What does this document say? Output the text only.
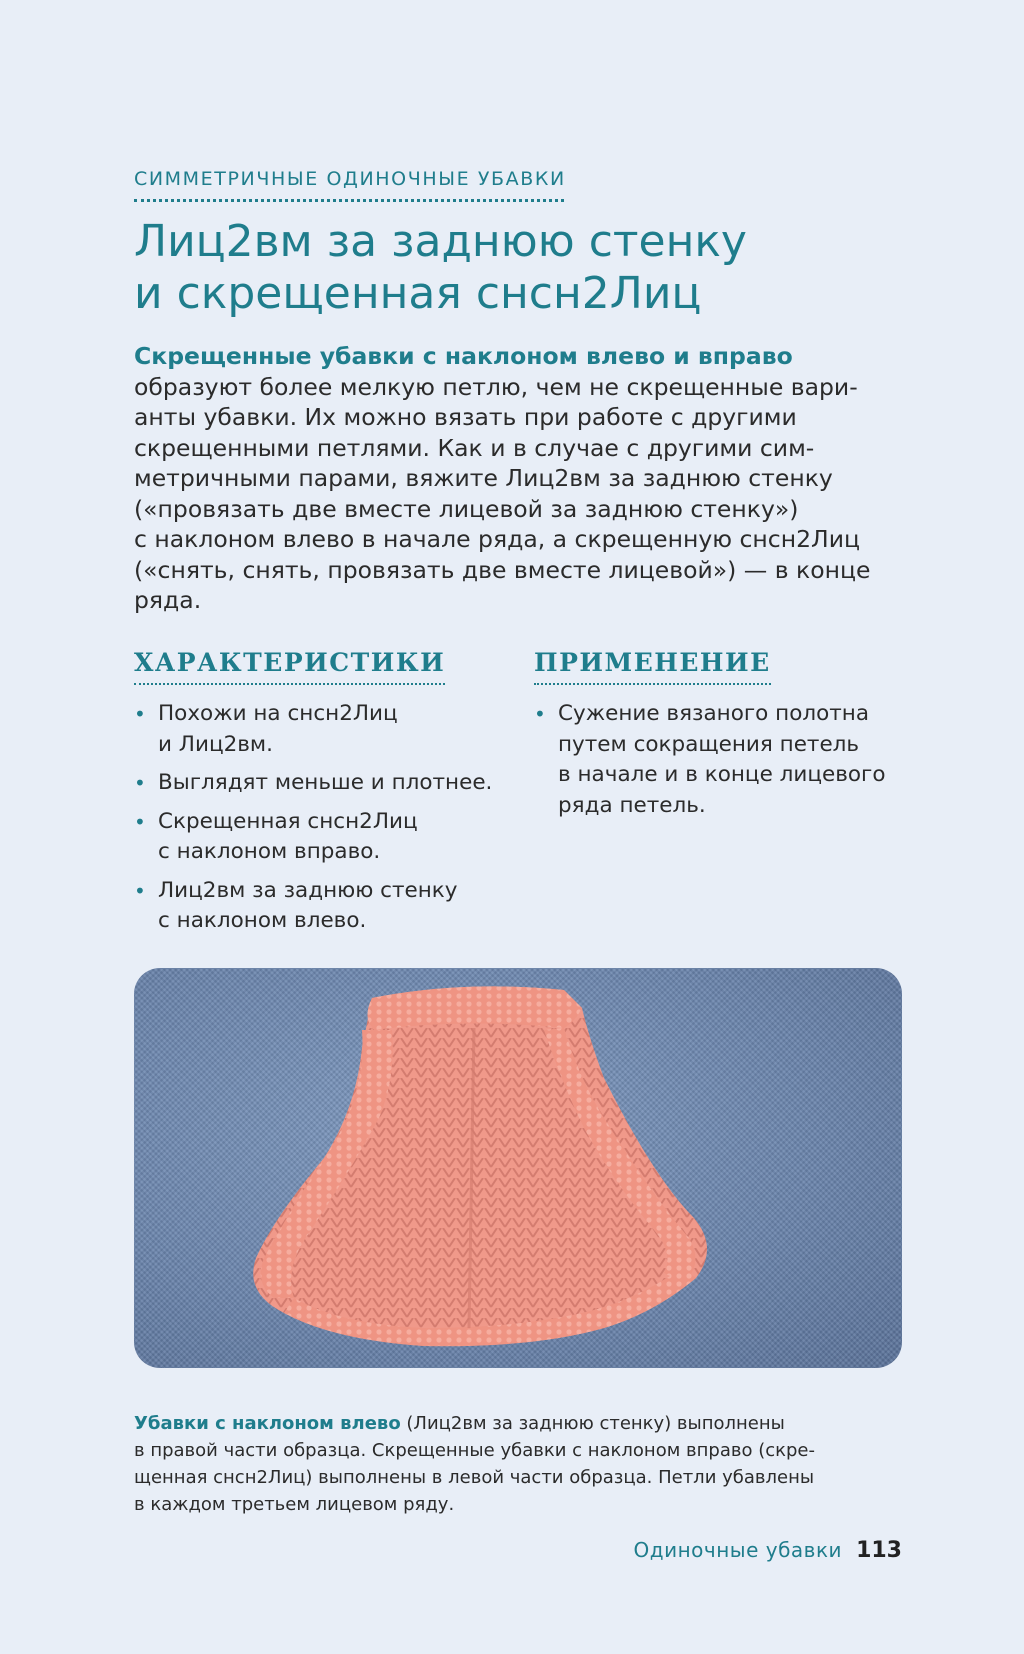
СИММЕТРИЧНЫЕ ОДИНОЧНЫЕ УБАВКИ
Лиц2вм за заднюю стенку
и скрещенная снсн2Лиц

Скрещенные убавки с наклоном влево и вправо
образуют более мелкую петлю, чем не скрещенные вари-
анты убавки. Их можно вязать при работе с другими
скрещенными петлями. Как и в случае с другими сим-
метричными парами, вяжите Лиц2вм за заднюю стенку
(«провязать две вместе лицевой за заднюю стенку»)
с наклоном влево в начале ряда, а скрещенную снсн2Лиц
(«снять, снять, провязать две вместе лицевой») — в конце
ряда.

ХАРАКТЕРИСТИКИ
• Похожи на снсн2Лиц
и Лиц2вм.
• Выглядят меньше и плотнее.
• Скрещенная снсн2Лиц
с наклоном вправо.
• Лиц2вм за заднюю стенку
с наклоном влево.
ПРИМЕНЕНИЕ
• Сужение вязаного полотна
путем сокращения петель
в начале и в конце лицевого
ряда петель.

Убавки с наклоном влево (Лиц2вм за заднюю стенку) выполнены
в правой части образца. Скрещенные убавки с наклоном вправо (скре-
щенная снсн2Лиц) выполнены в левой части образца. Петли убавлены
в каждом третьем лицевом ряду.

Одиночные убавки 113
